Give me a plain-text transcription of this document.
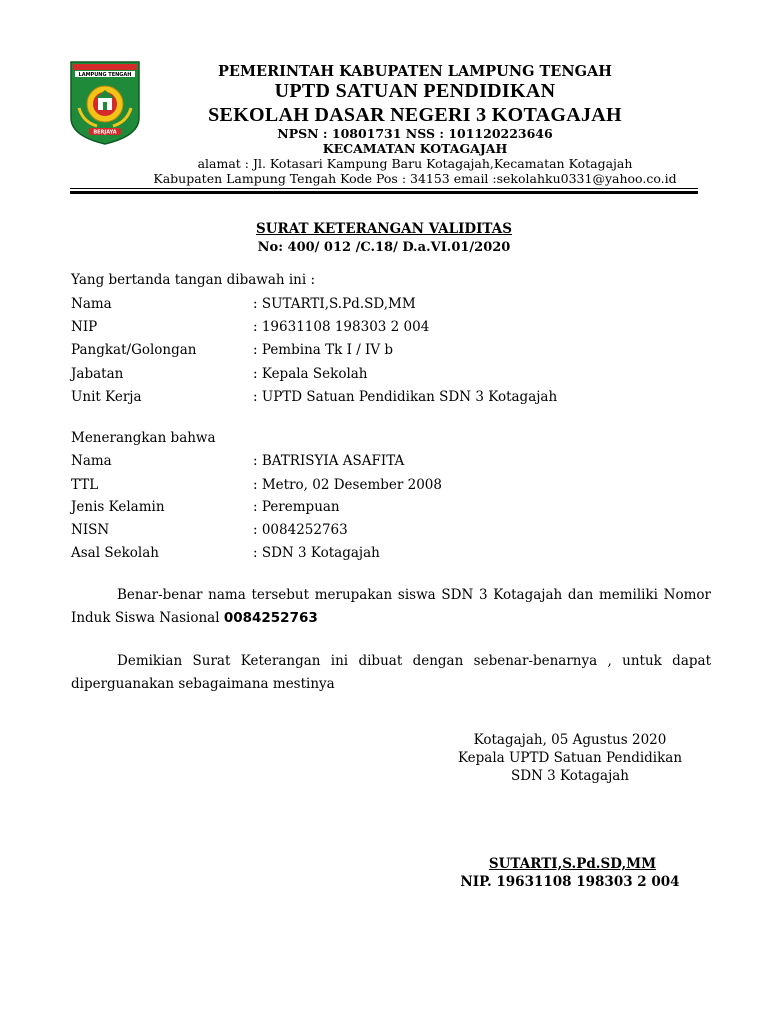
LAMPUNG TENGAH
BERJAYA
PEMERINTAH KABUPATEN LAMPUNG TENGAH
UPTD SATUAN PENDIDIKAN
SEKOLAH DASAR NEGERI 3 KOTAGAJAH
NPSN : 10801731 NSS : 101120223646
KECAMATAN KOTAGAJAH
alamat : Jl. Kotasari Kampung Baru Kotagajah,Kecamatan Kotagajah
Kabupaten Lampung Tengah Kode Pos : 34153 email :sekolahku0331@yahoo.co.id
SURAT KETERANGAN VALIDITAS
No: 400/ 012 /C.18/ D.a.VI.01/2020
Yang bertanda tangan dibawah ini :
Nama	: SUTARTI,S.Pd.SD,MM
NIP	: 19631108 198303 2 004
Pangkat/Golongan	: Pembina Tk I / IV b
Jabatan	: Kepala Sekolah
Unit Kerja	: UPTD Satuan Pendidikan SDN 3 Kotagajah
Menerangkan bahwa
Nama	: BATRISYIA ASAFITA
TTL	: Metro, 02 Desember 2008
Jenis Kelamin	: Perempuan
NISN	: 0084252763
Asal Sekolah	: SDN 3 Kotagajah
Benar-benar nama tersebut merupakan siswa SDN 3 Kotagajah dan memiliki Nomor Induk Siswa Nasional 0084252763
Demikian Surat Keterangan ini dibuat dengan sebenar-benarnya , untuk dapat diperguanakan sebagaimana mestinya
Kotagajah, 05 Agustus 2020
Kepala UPTD Satuan Pendidikan
SDN 3 Kotagajah
SUTARTI,S.Pd.SD,MM
NIP. 19631108 198303 2 004
